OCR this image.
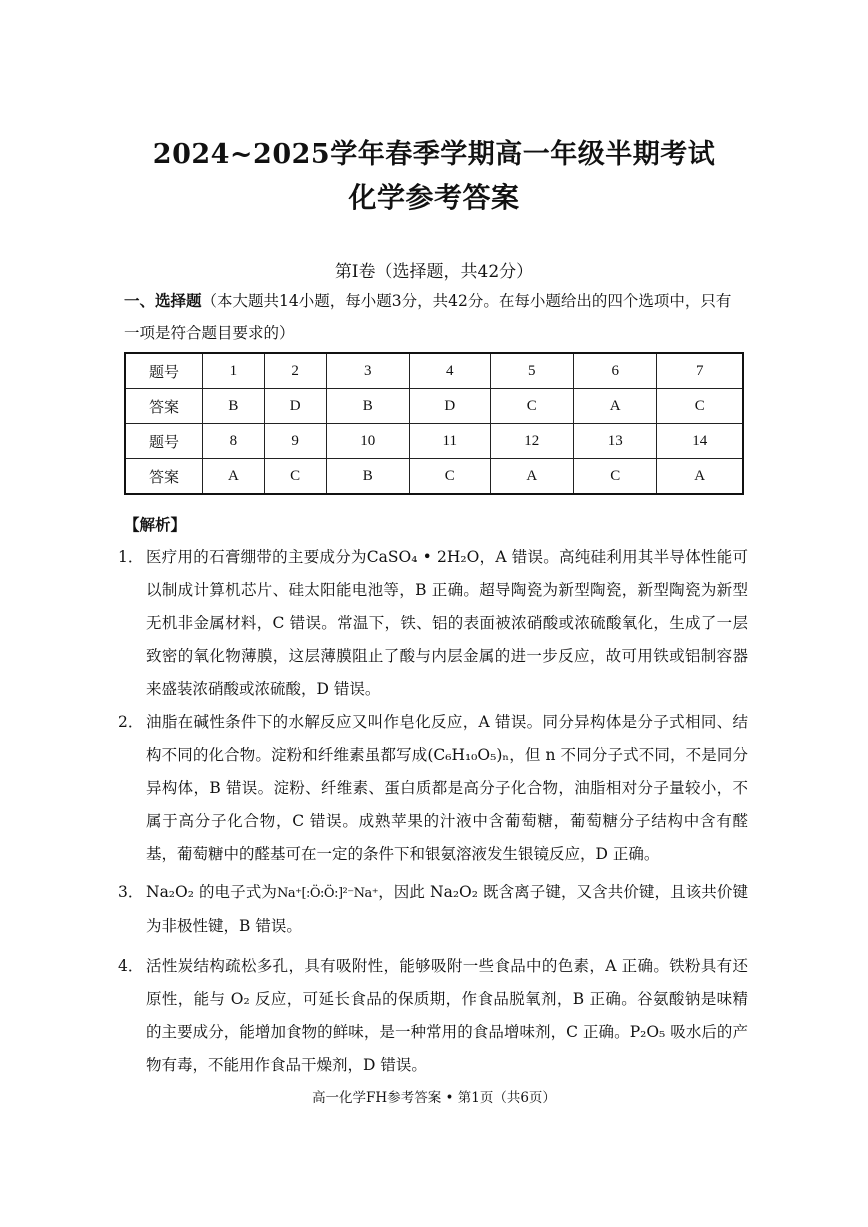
2024~2025学年春季学期高一年级半期考试
化学参考答案
第Ⅰ卷（选择题，共42分）
一、选择题（本大题共14小题，每小题3分，共42分。在每小题给出的四个选项中，只有
一项是符合题目要求的）
题号	1	2	3	4	5	6	7
答案	B	D	B	D	C	A	C
题号	8	9	10	11	12	13	14
答案	A	C	B	C	A	C	A
【解析】
1． 医疗用的石膏绷带的主要成分为CaSO₄ • 2H₂O，A 错误。高纯硅利用其半导体性能可以制成计算机芯片、硅太阳能电池等，B 正确。超导陶瓷为新型陶瓷，新型陶瓷为新型无机非金属材料，C 错误。常温下，铁、铝的表面被浓硝酸或浓硫酸氧化，生成了一层致密的氧化物薄膜，这层薄膜阻止了酸与内层金属的进一步反应，故可用铁或铝制容器来盛装浓硝酸或浓硫酸，D 错误。
2． 油脂在碱性条件下的水解反应又叫作皂化反应，A 错误。同分异构体是分子式相同、结构不同的化合物。淀粉和纤维素虽都写成(C₆H₁₀O₅)ₙ，但 n 不同分子式不同，不是同分异构体，B 错误。淀粉、纤维素、蛋白质都是高分子化合物，油脂相对分子量较小，不属于高分子化合物，C 错误。成熟苹果的汁液中含葡萄糖，葡萄糖分子结构中含有醛基，葡萄糖中的醛基可在一定的条件下和银氨溶液发生银镜反应，D 正确。
3． Na₂O₂ 的电子式为Na⁺[:Ö:Ö:]²⁻Na⁺，因此 Na₂O₂ 既含离子键，又含共价键，且该共价键为非极性键，B 错误。
4． 活性炭结构疏松多孔，具有吸附性，能够吸附一些食品中的色素，A 正确。铁粉具有还原性，能与 O₂ 反应，可延长食品的保质期，作食品脱氧剂，B 正确。谷氨酸钠是味精的主要成分，能增加食物的鲜味，是一种常用的食品增味剂，C 正确。P₂O₅ 吸水后的产物有毒，不能用作食品干燥剂，D 错误。
高一化学FH参考答案 • 第1页（共6页）
